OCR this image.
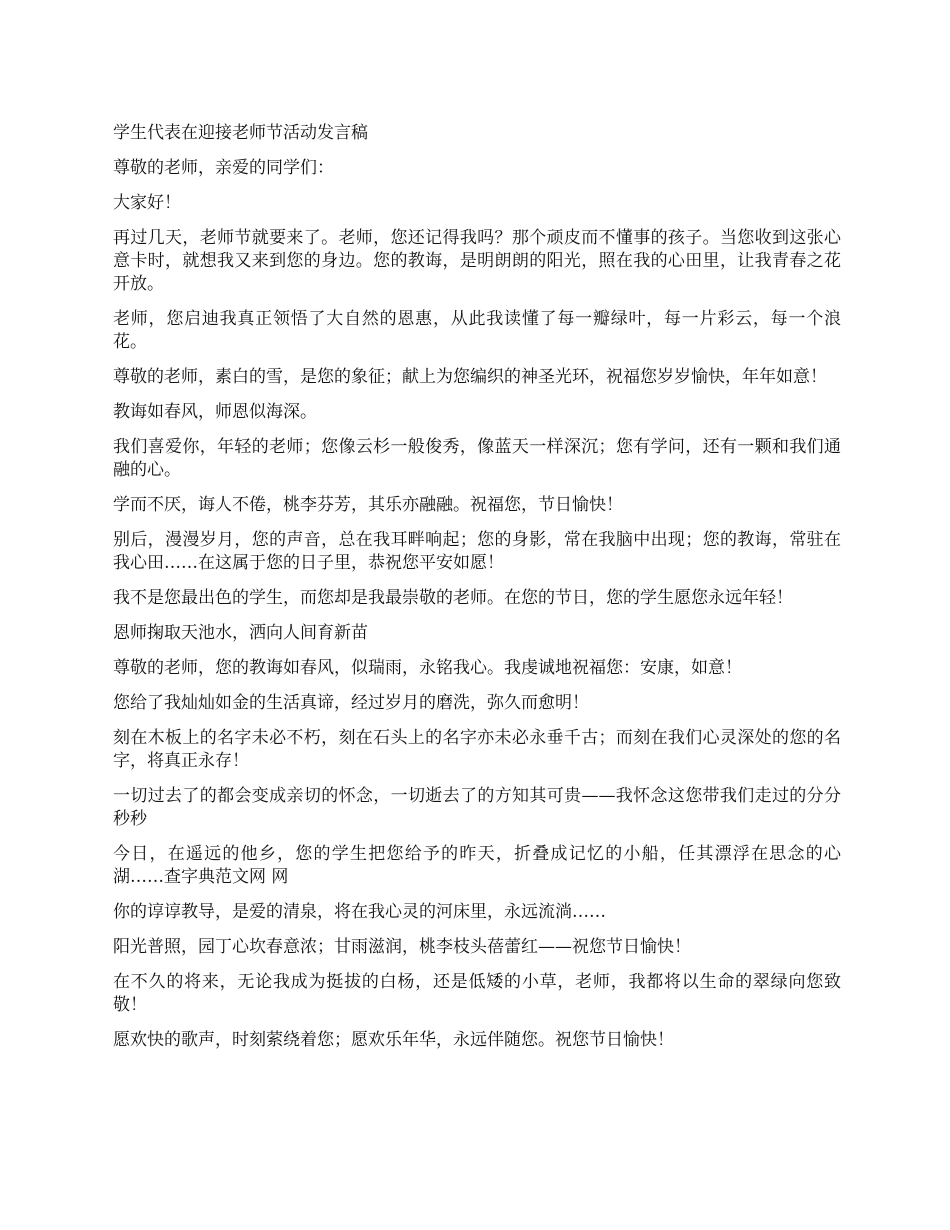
学生代表在迎接老师节活动发言稿

尊敬的老师，亲爱的同学们：

大家好！

再过几天，老师节就要来了。老师，您还记得我吗？那个顽皮而不懂事的孩子。当您收到这张心意卡时，就想我又来到您的身边。您的教诲，是明朗朗的阳光，照在我的心田里，让我青春之花开放。

老师，您启迪我真正领悟了大自然的恩惠，从此我读懂了每一瓣绿叶，每一片彩云，每一个浪花。

尊敬的老师，素白的雪，是您的象征；献上为您编织的神圣光环，祝福您岁岁愉快，年年如意！

教诲如春风，师恩似海深。

我们喜爱你，年轻的老师；您像云杉一般俊秀，像蓝天一样深沉；您有学问，还有一颗和我们通融的心。

学而不厌，诲人不倦，桃李芬芳，其乐亦融融。祝福您，节日愉快！

别后，漫漫岁月，您的声音，总在我耳畔响起；您的身影，常在我脑中出现；您的教诲，常驻在我心田……在这属于您的日子里，恭祝您平安如愿！

我不是您最出色的学生，而您却是我最崇敬的老师。在您的节日，您的学生愿您永远年轻！

恩师掬取天池水，洒向人间育新苗

尊敬的老师，您的教诲如春风，似瑞雨，永铭我心。我虔诚地祝福您：安康，如意！

您给了我灿灿如金的生活真谛，经过岁月的磨洗，弥久而愈明！

刻在木板上的名字未必不朽，刻在石头上的名字亦未必永垂千古；而刻在我们心灵深处的您的名字，将真正永存！

一切过去了的都会变成亲切的怀念，一切逝去了的方知其可贵——我怀念这您带我们走过的分分秒秒

今日，在遥远的他乡，您的学生把您给予的昨天，折叠成记忆的小船，任其漂浮在思念的心湖……查字典范文网 网

你的谆谆教导，是爱的清泉，将在我心灵的河床里，永远流淌……

阳光普照，园丁心坎春意浓；甘雨滋润，桃李枝头蓓蕾红——祝您节日愉快！

在不久的将来，无论我成为挺拔的白杨，还是低矮的小草，老师，我都将以生命的翠绿向您致敬！

愿欢快的歌声，时刻萦绕着您；愿欢乐年华，永远伴随您。祝您节日愉快！
